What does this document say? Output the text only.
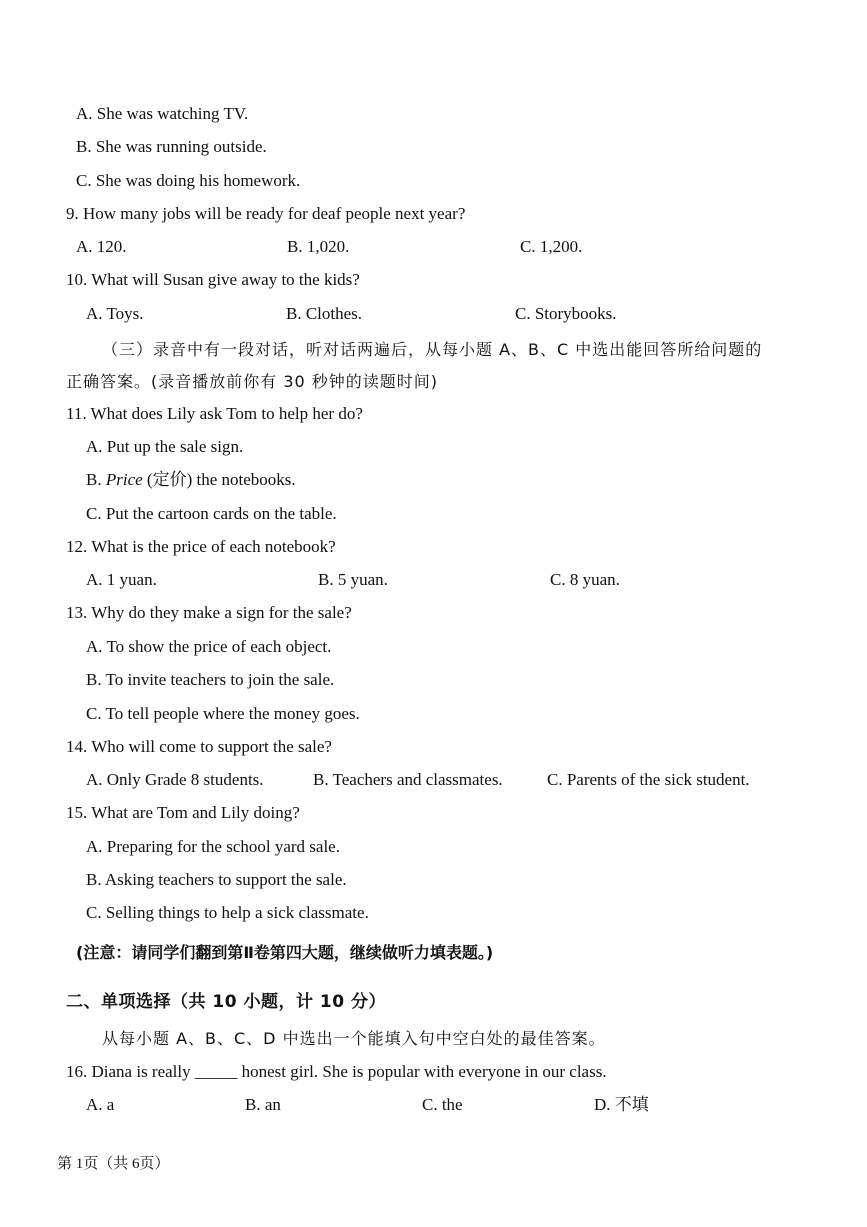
A. She was watching TV.
B. She was running outside.
C. She was doing his homework.
9. How many jobs will be ready for deaf people next year?
A. 120.	B. 1,020.	C. 1,200.
10. What will Susan give away to the kids?
A. Toys.	B. Clothes.	C. Storybooks.
（三）录音中有一段对话，听对话两遍后，从每小题 A、B、C 中选出能回答所给问题的
正确答案。(录音播放前你有 30 秒钟的读题时间)
11. What does Lily ask Tom to help her do?
A. Put up the sale sign.
B. Price (定价) the notebooks.
C. Put the cartoon cards on the table.
12. What is the price of each notebook?
A. 1 yuan.	B. 5 yuan.	C. 8 yuan.
13. Why do they make a sign for the sale?
A. To show the price of each object.
B. To invite teachers to join the sale.
C. To tell people where the money goes.
14. Who will come to support the sale?
A. Only Grade 8 students.	B. Teachers and classmates.	C. Parents of the sick student.
15. What are Tom and Lily doing?
A. Preparing for the school yard sale.
B. Asking teachers to support the sale.
C. Selling things to help a sick classmate.
(注意：请同学们翻到第Ⅱ卷第四大题，继续做听力填表题。)
二、单项选择（共 10 小题，计 10 分）
从每小题 A、B、C、D 中选出一个能填入句中空白处的最佳答案。
16. Diana is really _____ honest girl. She is popular with everyone in our class.
A. a	B. an	C. the	D. 不填
第 1页（共 6页）
